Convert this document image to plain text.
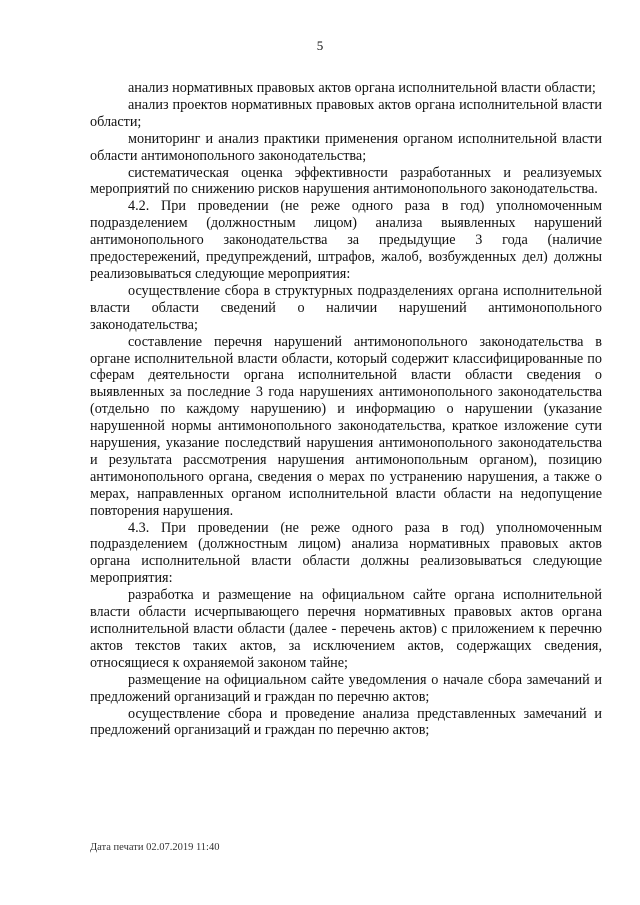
5

анализ нормативных правовых актов органа исполнительной власти области;

анализ проектов нормативных правовых актов органа исполнительной власти области;

мониторинг и анализ практики применения органом исполнительной власти области антимонопольного законодательства;

систематическая оценка эффективности разработанных и реализуемых мероприятий по снижению рисков нарушения антимонопольного законодательства.

4.2. При проведении (не реже одного раза в год) уполномоченным подразделением (должностным лицом) анализа выявленных нарушений антимонопольного законодательства за предыдущие 3 года (наличие предостережений, предупреждений, штрафов, жалоб, возбужденных дел) должны реализовываться следующие мероприятия:

осуществление сбора в структурных подразделениях органа исполнительной власти области сведений о наличии нарушений антимонопольного законодательства;

составление перечня нарушений антимонопольного законодательства в органе исполнительной власти области, который содержит классифицированные по сферам деятельности органа исполнительной власти области сведения о выявленных за последние 3 года нарушениях антимонопольного законодательства (отдельно по каждому нарушению) и информацию о нарушении (указание нарушенной нормы антимонопольного законодательства, краткое изложение сути нарушения, указание последствий нарушения антимонопольного законодательства и результата рассмотрения нарушения антимонопольным органом), позицию антимонопольного органа, сведения о мерах по устранению нарушения, а также о мерах, направленных органом исполнительной власти области на недопущение повторения нарушения.

4.3. При проведении (не реже одного раза в год) уполномоченным подразделением (должностным лицом) анализа нормативных правовых актов органа исполнительной власти области должны реализовываться следующие мероприятия:

разработка и размещение на официальном сайте органа исполнительной власти области исчерпывающего перечня нормативных правовых актов органа исполнительной власти области (далее - перечень актов) с приложением к перечню актов текстов таких актов, за исключением актов, содержащих сведения, относящиеся к охраняемой законом тайне;

размещение на официальном сайте уведомления о начале сбора замечаний и предложений организаций и граждан по перечню актов;

осуществление сбора и проведение анализа представленных замечаний и предложений организаций и граждан по перечню актов;

Дата печати 02.07.2019 11:40
